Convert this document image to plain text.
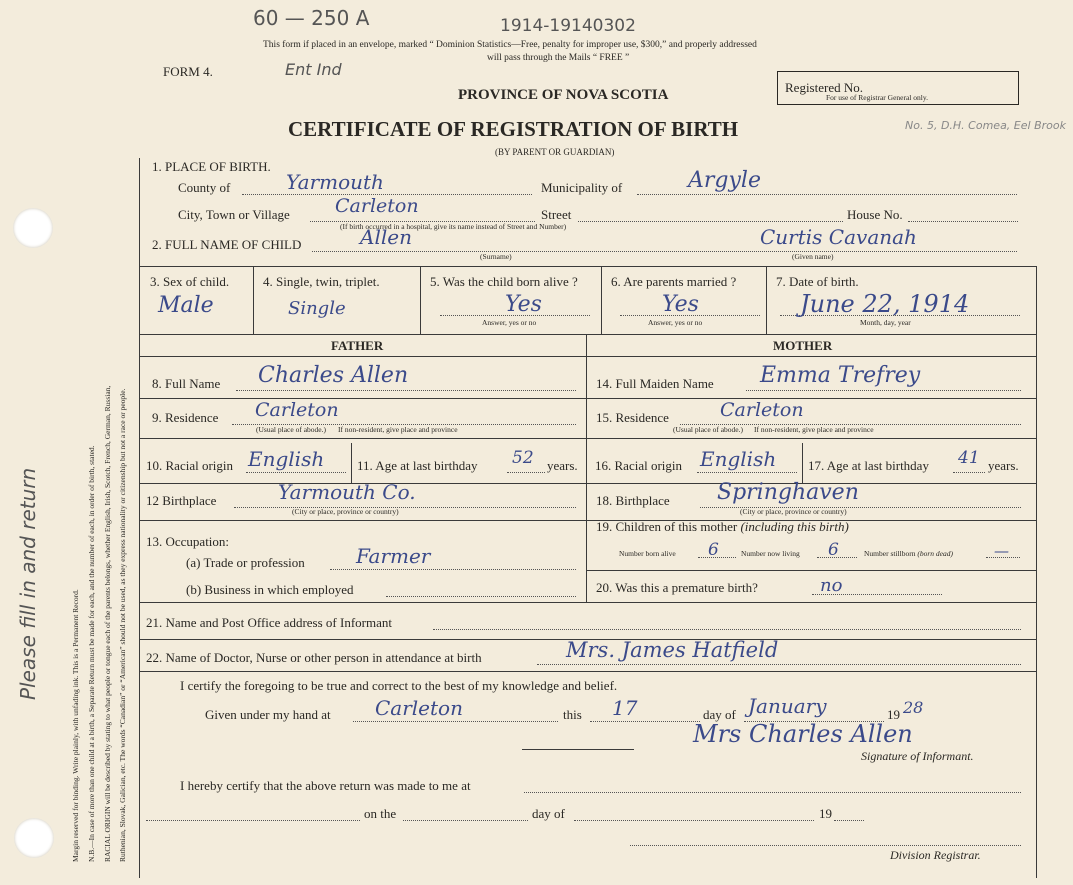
Margin reserved for binding. Write plainly, with unfading ink. This is a Permanent Record. N.B.—In case of more than one child at a birth, a Separate Return must be made for each, and the number of each, in order of birth, stated. RACIAL ORIGIN will be described by stating to what people or tongue each of the parents belongs, whether English, Irish, Scotch, French, German, Russian, Ruthenian, Slovak, Galician, etc. The words “Canadian” or “American” should not be used, as they express nationality or citizenship but not a race or people.
Please fill in and return
60 — 250 A	1914-19140302
Ent Ind
No. 5, D.H. Comea, Eel Brook
This form if placed in an envelope, marked “ Dominion Statistics—Free, penalty for improper use, $300,” and properly addressed
will pass through the Mails “ FREE ”
FORM 4.
PROVINCE OF NOVA SCOTIA
CERTIFICATE OF REGISTRATION OF BIRTH
(BY PARENT OR GUARDIAN)
Registered No.
For use of Registrar General only.
1. PLACE OF BIRTH.
County of	Yarmouth	Municipality of	Argyle
City, Town or Village Carleton	Street	House No.
(If birth occurred in a hospital, give its name instead of Street and Number)
2. FULL NAME OF CHILD	Allen	Curtis Cavanah
(Surname)	(Given name)
3. Sex of child.
Male
4. Single, twin, triplet.
Single
5. Was the child born alive ?
Yes
Answer, yes or no
6. Are parents married ?
Yes
Answer, yes or no
7. Date of birth.
June 22, 1914
Month, day, year
FATHER	MOTHER
8. Full Name Charles Allen	14. Full Maiden Name Emma Trefrey
9. Residence Carleton
(Usual place of abode.) If non-resident, give place and province
15. Residence	Carleton
(Usual place of abode.) If non-resident, give place and province
10. Racial origin English	11. Age at last birthday 52 years. 16. Racial origin English 17. Age at last birthday 41 years.
12 Birthplace	Yarmouth Co.
(City or place, province or country)
18. Birthplace Springhaven
(City or place, province or country)
13. Occupation:
(a) Trade or profession	Farmer
(b) Business in which employed
19. Children of this mother (including this birth)
Number born alive 6	Number now living 6	Number stillborn (born dead)	—
20. Was this a premature birth?	no
21. Name and Post Office address of Informant
22. Name of Doctor, Nurse or other person in attendance at birth	Mrs. James Hatfield
I certify the foregoing to be true and correct to the best of my knowledge and belief.
Given under my hand at Carleton	this 17	day of January	19 28
Mrs Charles Allen
Signature of Informant.
I hereby certify that the above return was made to me at
on the	day of	19
Division Registrar.
